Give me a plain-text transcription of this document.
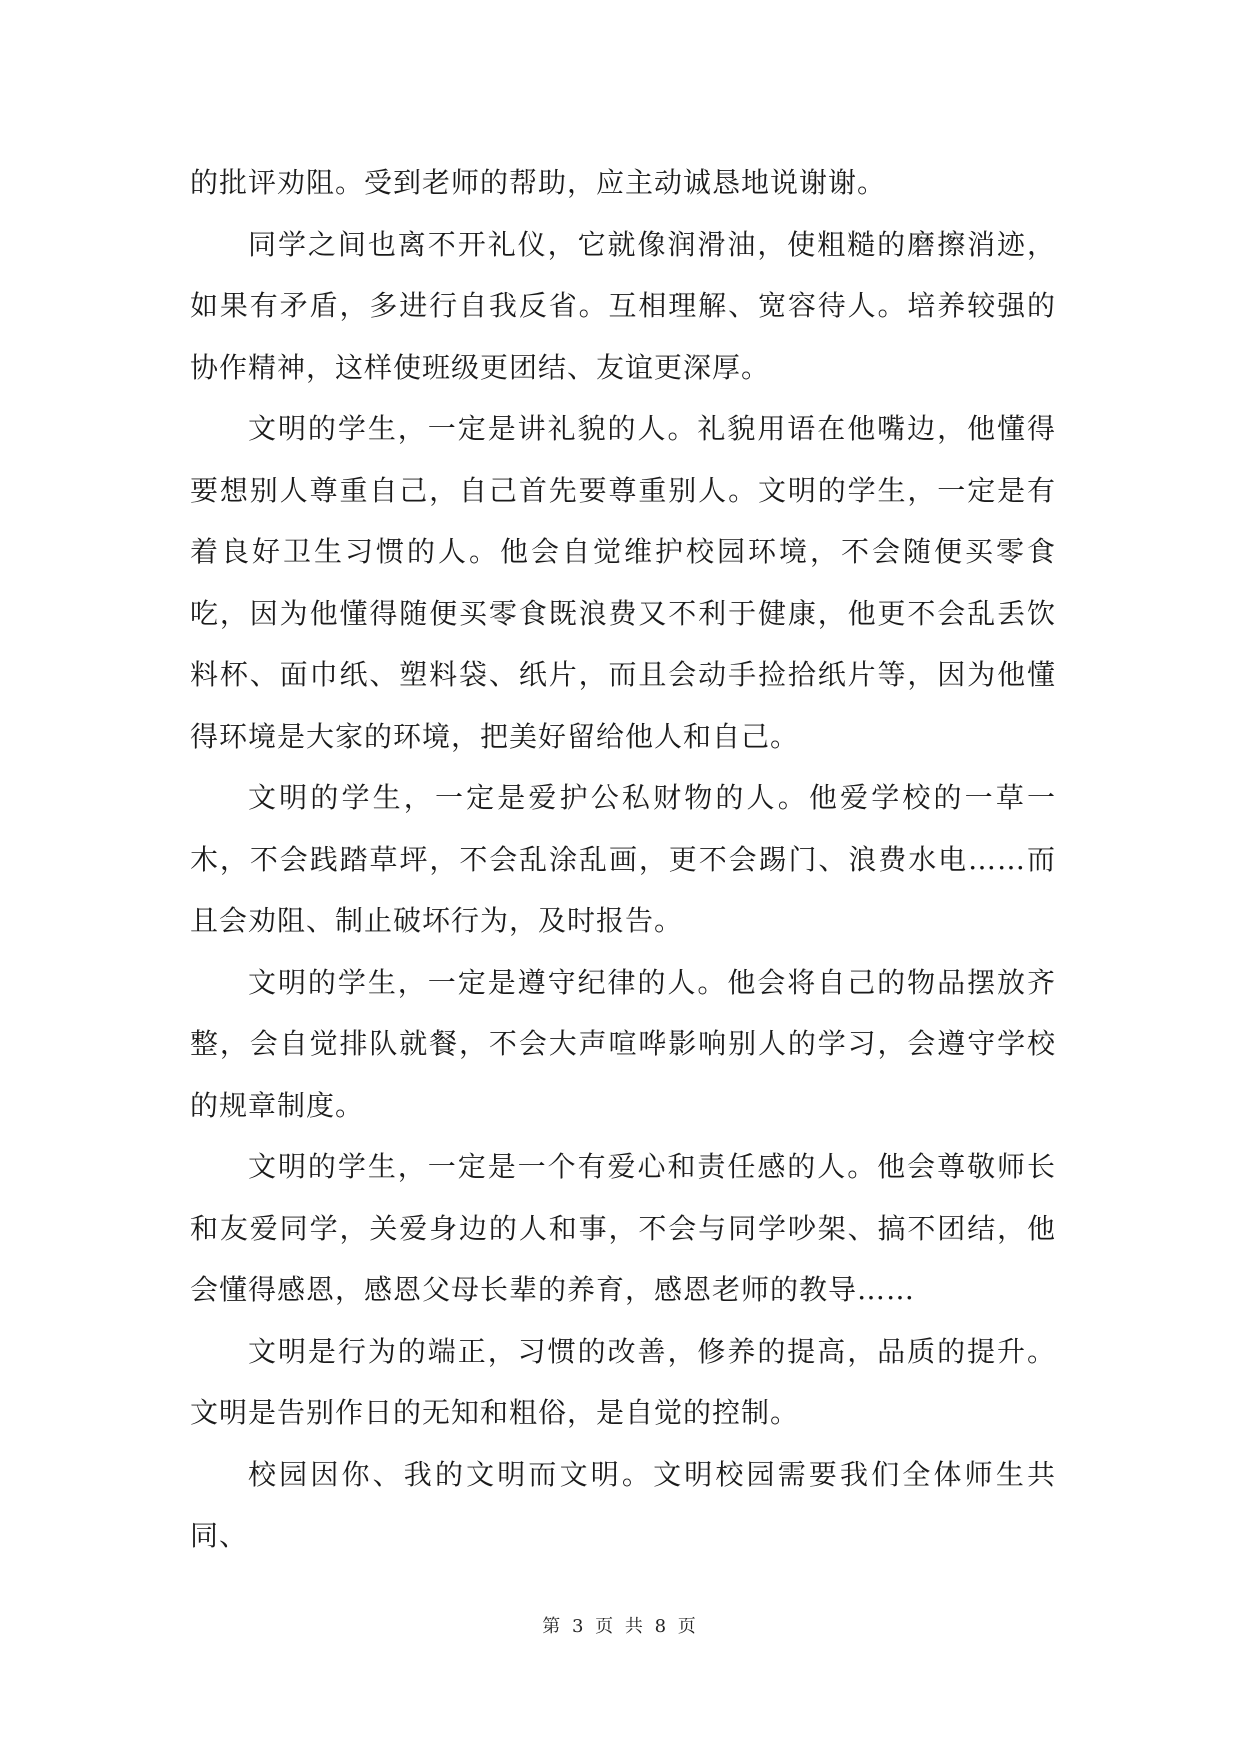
的批评劝阻。受到老师的帮助，应主动诚恳地说谢谢。

同学之间也离不开礼仪，它就像润滑油，使粗糙的磨擦消迹，如果有矛盾，多进行自我反省。互相理解、宽容待人。培养较强的协作精神，这样使班级更团结、友谊更深厚。

文明的学生，一定是讲礼貌的人。礼貌用语在他嘴边，他懂得要想别人尊重自己，自己首先要尊重别人。文明的学生，一定是有着良好卫生习惯的人。他会自觉维护校园环境，不会随便买零食吃，因为他懂得随便买零食既浪费又不利于健康，他更不会乱丢饮料杯、面巾纸、塑料袋、纸片，而且会动手捡拾纸片等，因为他懂得环境是大家的环境，把美好留给他人和自己。

文明的学生，一定是爱护公私财物的人。他爱学校的一草一木，不会践踏草坪，不会乱涂乱画，更不会踢门、浪费水电……而且会劝阻、制止破坏行为，及时报告。

文明的学生，一定是遵守纪律的人。他会将自己的物品摆放齐整，会自觉排队就餐，不会大声喧哗影响别人的学习，会遵守学校的规章制度。

文明的学生，一定是一个有爱心和责任感的人。他会尊敬师长和友爱同学，关爱身边的人和事，不会与同学吵架、搞不团结，他会懂得感恩，感恩父母长辈的养育，感恩老师的教导……

文明是行为的端正，习惯的改善，修养的提高，品质的提升。文明是告别作日的无知和粗俗，是自觉的控制。

校园因你、我的文明而文明。文明校园需要我们全体师生共同、

第 3 页 共 8 页
